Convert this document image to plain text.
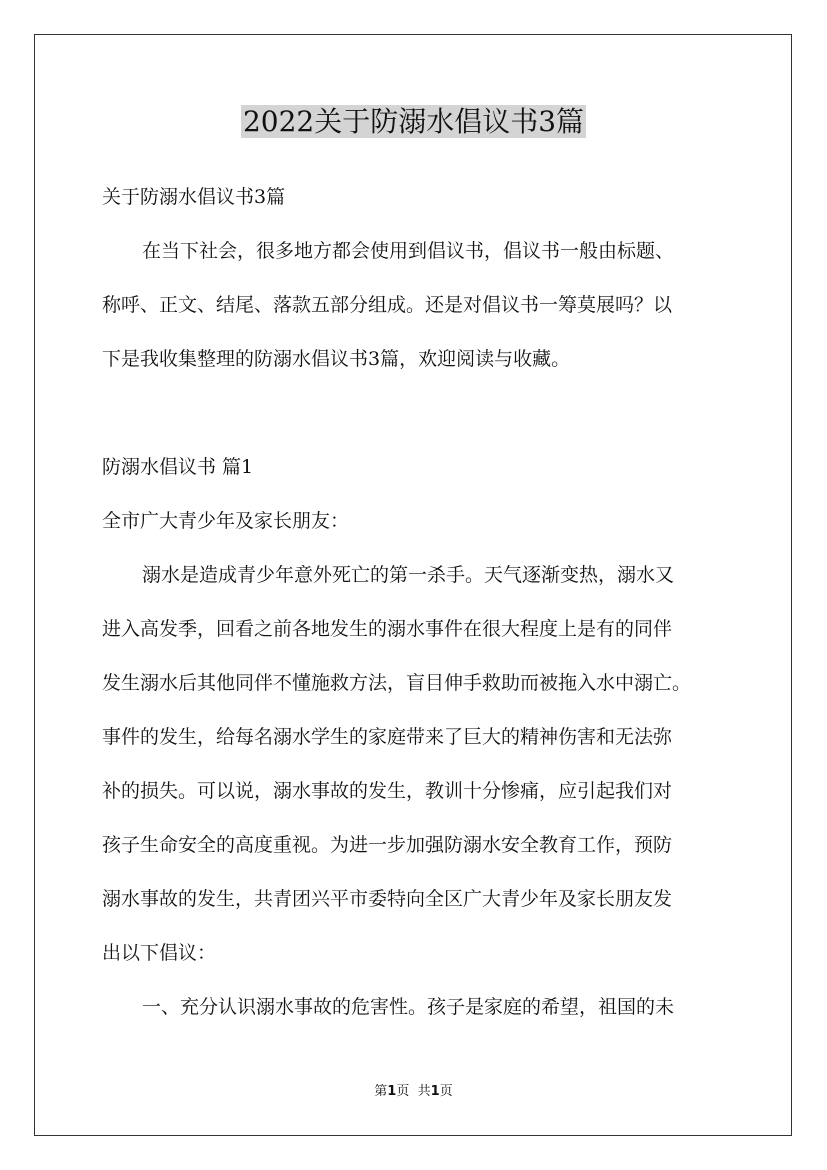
2022关于防溺水倡议书3篇

关于防溺水倡议书3篇

在当下社会，很多地方都会使用到倡议书，倡议书一般由标题、

称呼、正文、结尾、落款五部分组成。还是对倡议书一筹莫展吗？以

下是我收集整理的防溺水倡议书3篇，欢迎阅读与收藏。

防溺水倡议书 篇1

全市广大青少年及家长朋友：

溺水是造成青少年意外死亡的第一杀手。天气逐渐变热，溺水又

进入高发季，回看之前各地发生的溺水事件在很大程度上是有的同伴

发生溺水后其他同伴不懂施救方法，盲目伸手救助而被拖入水中溺亡。

事件的发生，给每名溺水学生的家庭带来了巨大的精神伤害和无法弥

补的损失。可以说，溺水事故的发生，教训十分惨痛，应引起我们对

孩子生命安全的高度重视。为进一步加强防溺水安全教育工作，预防

溺水事故的发生，共青团兴平市委特向全区广大青少年及家长朋友发

出以下倡议：

一、充分认识溺水事故的危害性。孩子是家庭的希望，祖国的未

第1页 共1页
